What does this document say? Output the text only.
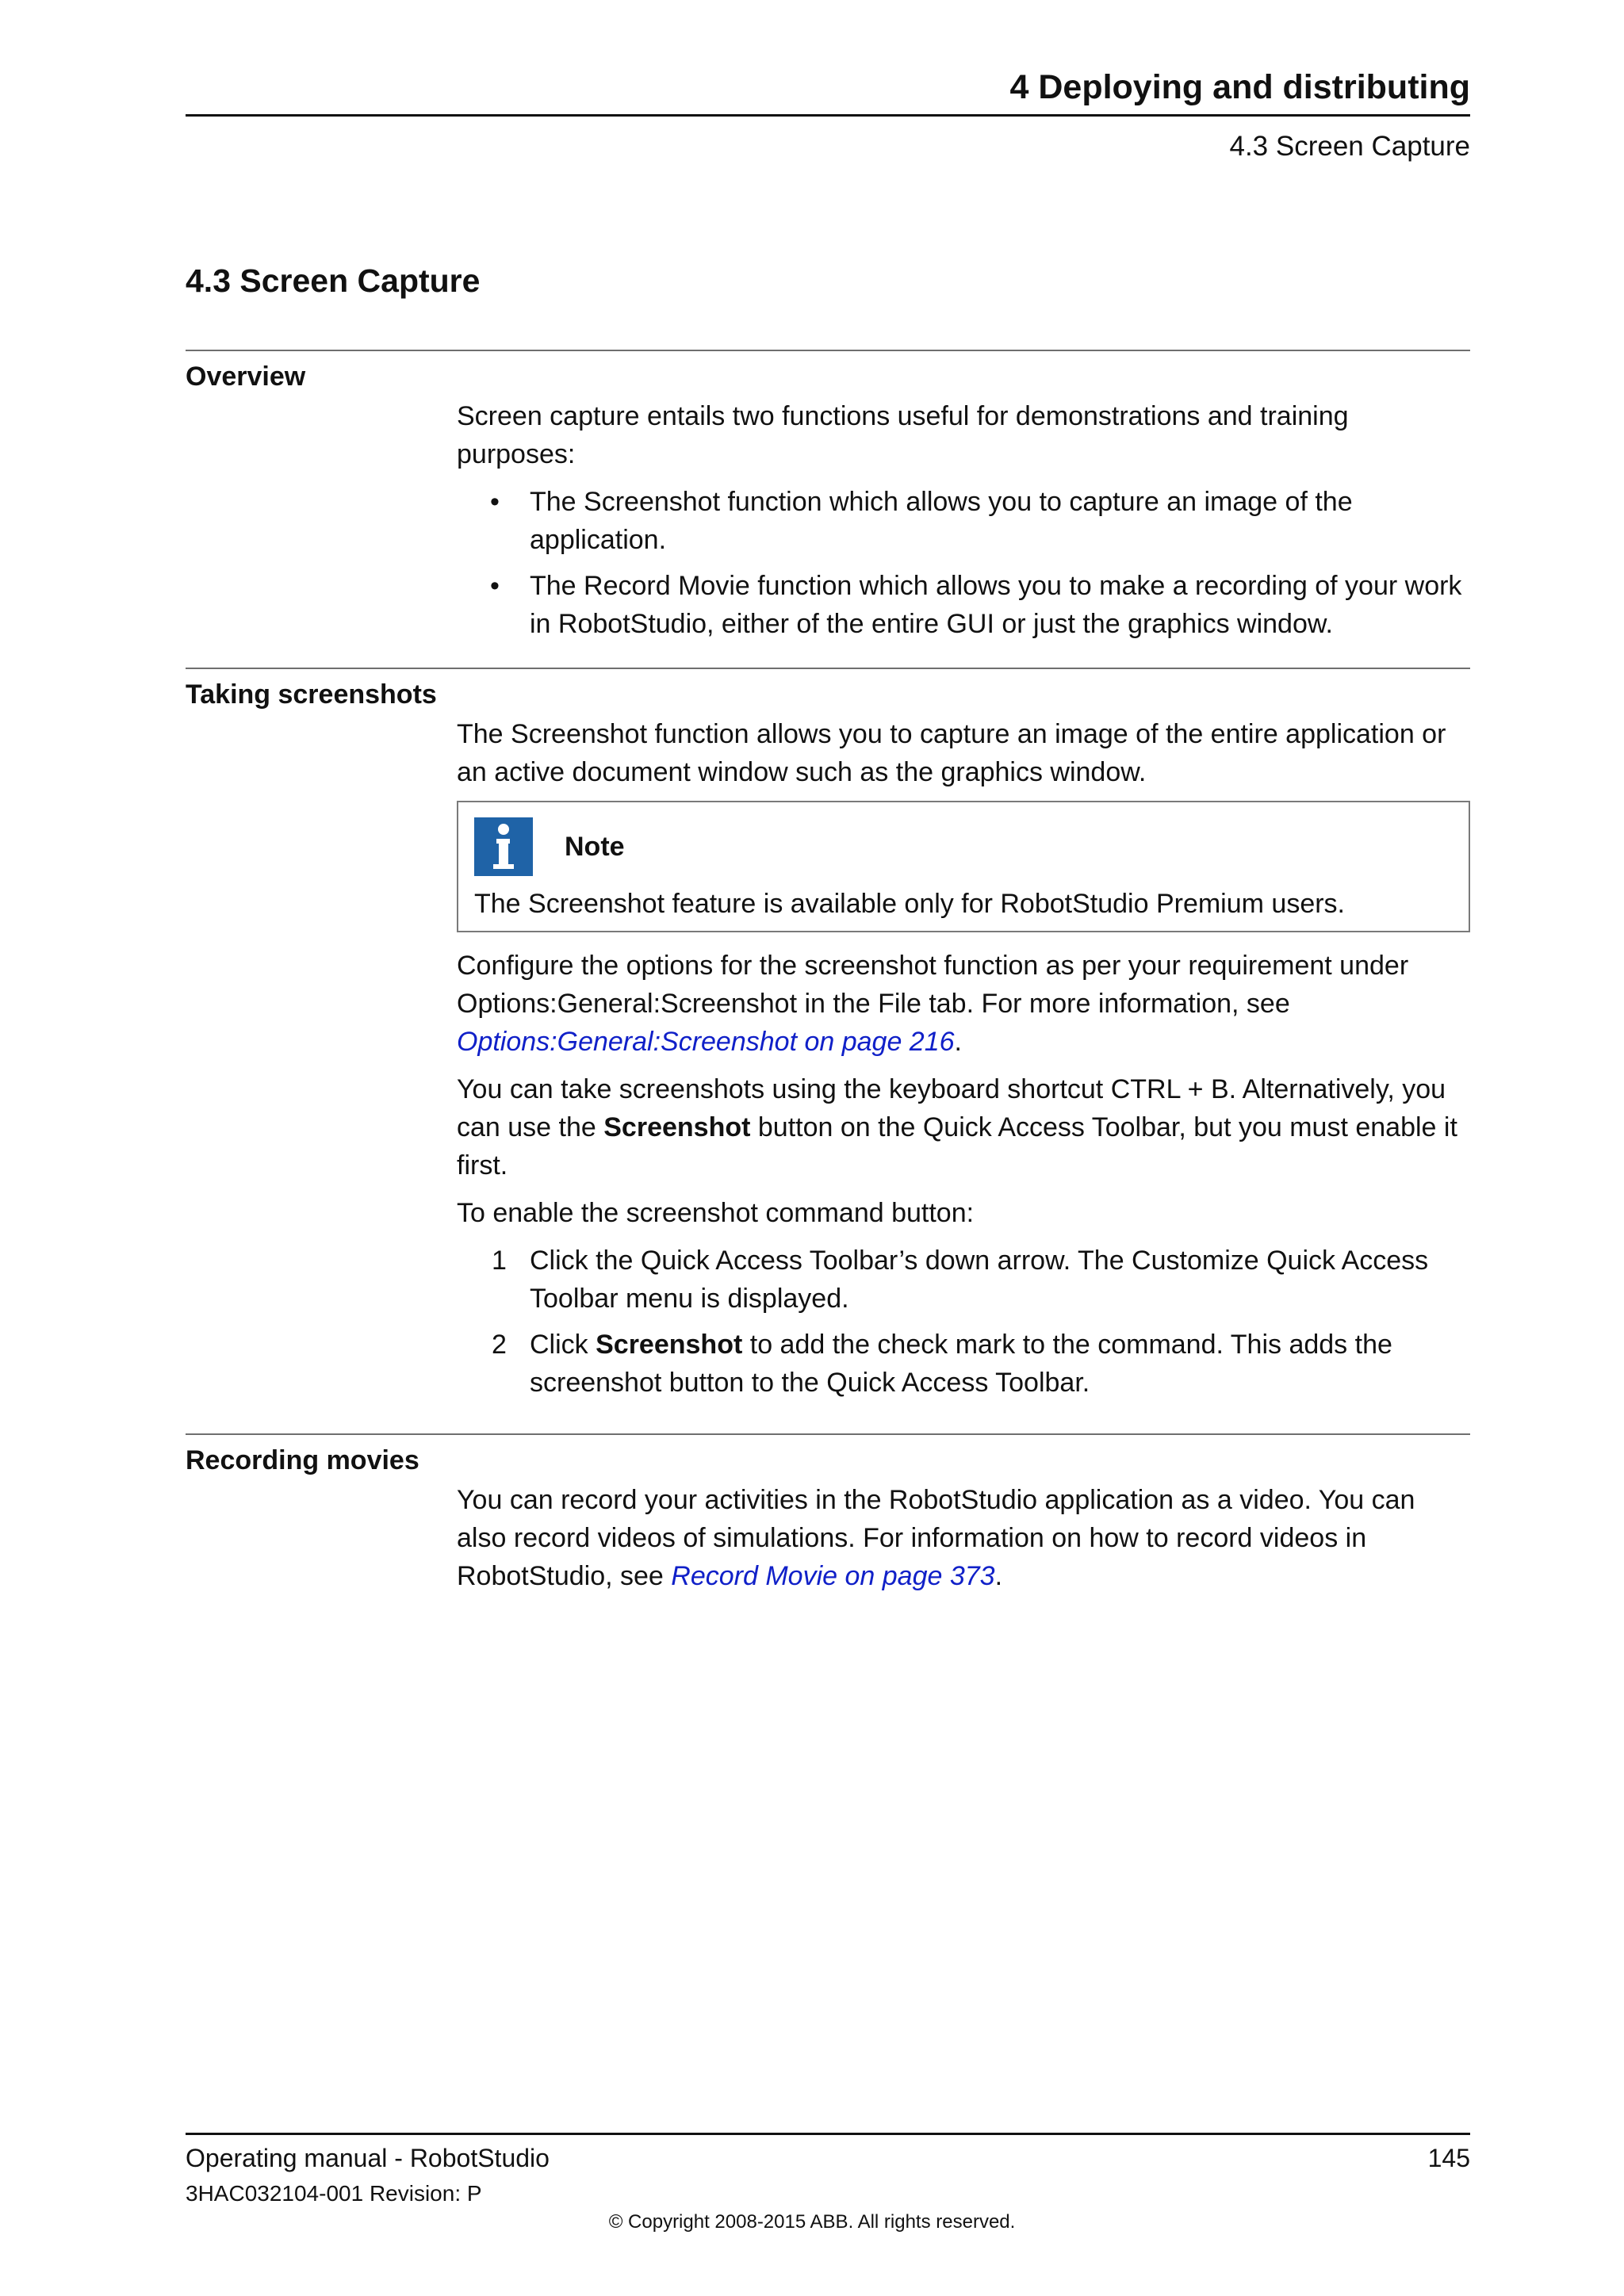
4 Deploying and distributing
4.3 Screen Capture
4.3 Screen Capture
Overview

Screen capture entails two functions useful for demonstrations and training purposes:

• The Screenshot function which allows you to capture an image of the application.
• The Record Movie function which allows you to make a recording of your work in RobotStudio, either of the entire GUI or just the graphics window.
Taking screenshots

The Screenshot function allows you to capture an image of the entire application or an active document window such as the graphics window.

Note
The Screenshot feature is available only for RobotStudio Premium users.

Configure the options for the screenshot function as per your requirement under Options:General:Screenshot in the File tab. For more information, see Options:General:Screenshot on page 216.

You can take screenshots using the keyboard shortcut CTRL + B. Alternatively, you can use the Screenshot button on the Quick Access Toolbar, but you must enable it first.

To enable the screenshot command button:

1 Click the Quick Access Toolbar’s down arrow. The Customize Quick Access Toolbar menu is displayed.
2 Click Screenshot to add the check mark to the command. This adds the screenshot button to the Quick Access Toolbar.
Recording movies

You can record your activities in the RobotStudio application as a video. You can also record videos of simulations. For information on how to record videos in RobotStudio, see Record Movie on page 373.

Operating manual - RobotStudio	145
3HAC032104-001 Revision: P
© Copyright 2008-2015 ABB. All rights reserved.
